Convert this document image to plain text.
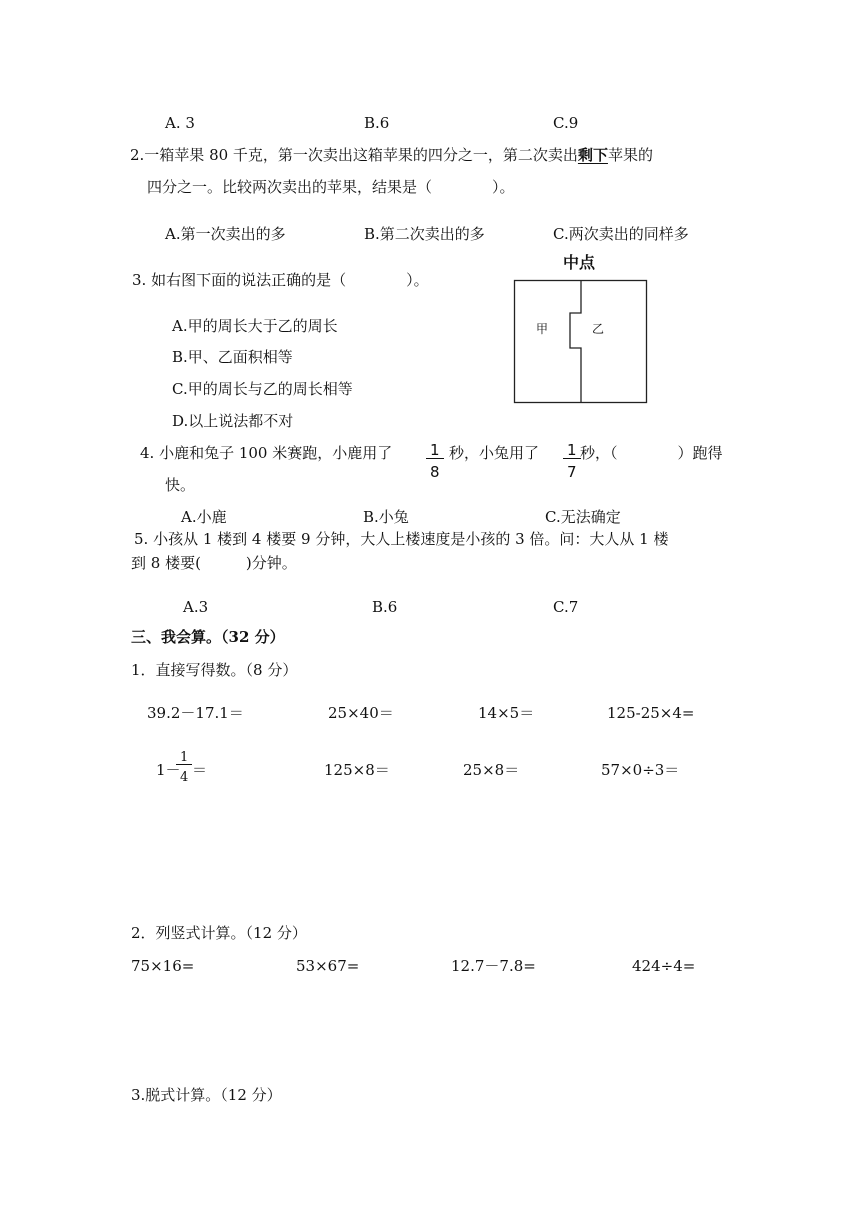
A. 3	B.6	C.9
2.一箱苹果 80 千克，第一次卖出这箱苹果的四分之一，第二次卖出剩下苹果的
四分之一。比较两次卖出的苹果，结果是（　　　　）。
A.第一次卖出的多	B.第二次卖出的多	C.两次卖出的同样多
3. 如右图下面的说法正确的是（　　　　）。
A.甲的周长大于乙的周长
B.甲、乙面积相等
C.甲的周长与乙的周长相等
D.以上说法都不对
中点
甲	乙
4. 小鹿和兔子 100 米赛跑，小鹿用了 $\frac{1}{8}$ 秒，小兔用了 $\frac{1}{7}$ 秒，（　　　　）跑得
快。
A.小鹿	B.小兔	C.无法确定
5. 小孩从 1 楼到 4 楼要 9 分钟，大人上楼速度是小孩的 3 倍。问：大人从 1 楼
到 8 楼要(　　　)分钟。
A.3	B.6	C.7
三、我会算。（32 分）
1．直接写得数。（8 分）
39.2－17.1＝	25×40＝	14×5＝	125-25×4=
1－
$\frac{1}{4}$ ＝	125×8＝	25×8＝	57×0÷3＝
2．列竖式计算。（12 分）
75×16=	53×67=	12.7－7.8=	424÷4=
3.脱式计算。（12 分）
